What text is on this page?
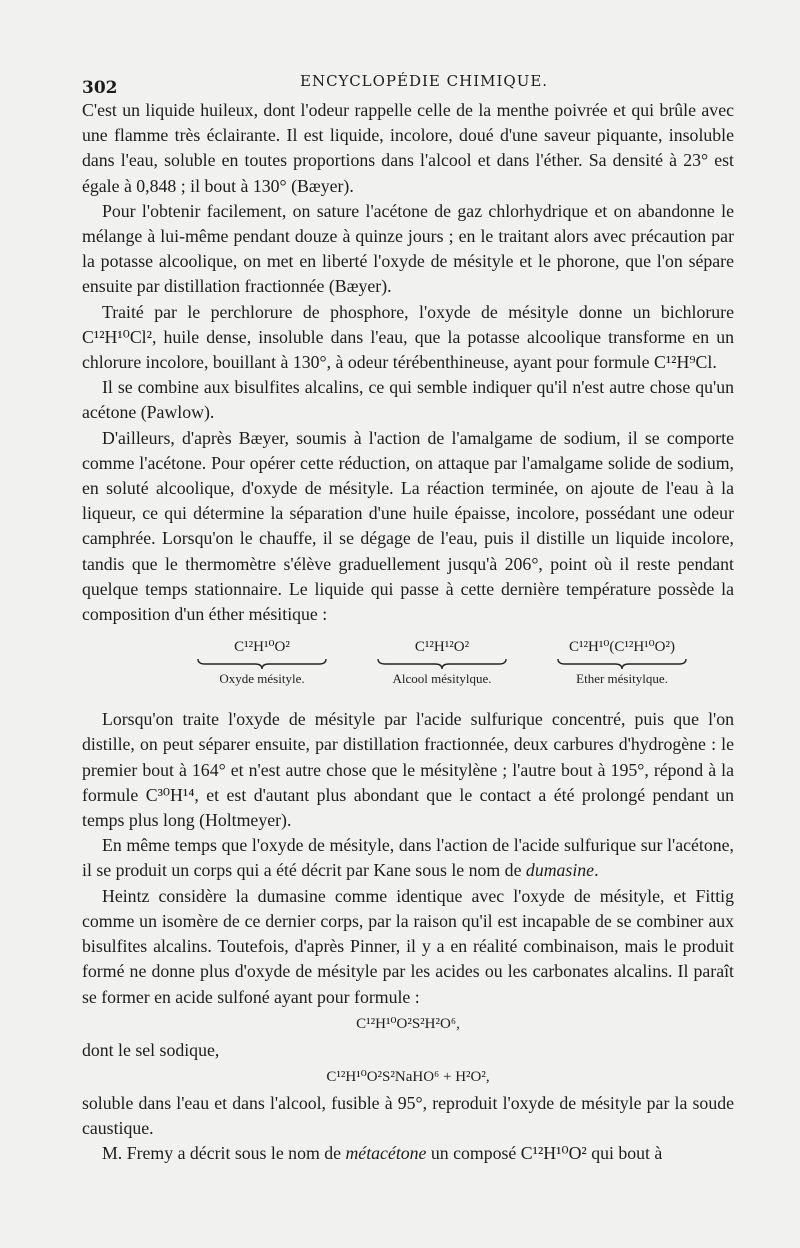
302	ENCYCLOPÉDIE CHIMIQUE.

C'est un liquide huileux, dont l'odeur rappelle celle de la menthe poivrée et qui brûle avec une flamme très éclairante. Il est liquide, incolore, doué d'une saveur piquante, insoluble dans l'eau, soluble en toutes proportions dans l'alcool et dans l'éther. Sa densité à 23° est égale à 0,848 ; il bout à 130° (Bæyer).

Pour l'obtenir facilement, on sature l'acétone de gaz chlorhydrique et on abandonne le mélange à lui-même pendant douze à quinze jours ; en le traitant alors avec précaution par la potasse alcoolique, on met en liberté l'oxyde de mésityle et le phorone, que l'on sépare ensuite par distillation fractionnée (Bæyer).

Traité par le perchlorure de phosphore, l'oxyde de mésityle donne un bichlorure C¹²H¹⁰Cl², huile dense, insoluble dans l'eau, que la potasse alcoolique transforme en un chlorure incolore, bouillant à 130°, à odeur térébenthineuse, ayant pour formule C¹²H⁹Cl.

Il se combine aux bisulfites alcalins, ce qui semble indiquer qu'il n'est autre chose qu'un acétone (Pawlow).

D'ailleurs, d'après Bæyer, soumis à l'action de l'amalgame de sodium, il se comporte comme l'acétone. Pour opérer cette réduction, on attaque par l'amalgame solide de sodium, en soluté alcoolique, d'oxyde de mésityle. La réaction terminée, on ajoute de l'eau à la liqueur, ce qui détermine la séparation d'une huile épaisse, incolore, possédant une odeur camphrée. Lorsqu'on le chauffe, il se dégage de l'eau, puis il distille un liquide incolore, tandis que le thermomètre s'élève graduellement jusqu'à 206°, point où il reste pendant quelque temps stationnaire. Le liquide qui passe à cette dernière température possède la composition d'un éther mésitique :

C¹²H¹⁰O²
Oxyde mésityle.
C¹²H¹²O²
Alcool mésitylque.
C¹²H¹⁰(C¹²H¹⁰O²)
Ether mésitylque.

Lorsqu'on traite l'oxyde de mésityle par l'acide sulfurique concentré, puis que l'on distille, on peut séparer ensuite, par distillation fractionnée, deux carbures d'hydrogène : le premier bout à 164° et n'est autre chose que le mésitylène ; l'autre bout à 195°, répond à la formule C³⁰H¹⁴, et est d'autant plus abondant que le contact a été prolongé pendant un temps plus long (Holtmeyer).

En même temps que l'oxyde de mésityle, dans l'action de l'acide sulfurique sur l'acétone, il se produit un corps qui a été décrit par Kane sous le nom de dumasine.

Heintz considère la dumasine comme identique avec l'oxyde de mésityle, et Fittig comme un isomère de ce dernier corps, par la raison qu'il est incapable de se combiner aux bisulfites alcalins. Toutefois, d'après Pinner, il y a en réalité combinaison, mais le produit formé ne donne plus d'oxyde de mésityle par les acides ou les carbonates alcalins. Il paraît se former en acide sulfoné ayant pour formule :

C¹²H¹⁰O²S²H²O⁶,

dont le sel sodique,

C¹²H¹⁰O²S²NaHO⁶ + H²O²,

soluble dans l'eau et dans l'alcool, fusible à 95°, reproduit l'oxyde de mésityle par la soude caustique.

M. Fremy a décrit sous le nom de métacétone un composé C¹²H¹⁰O² qui bout à
